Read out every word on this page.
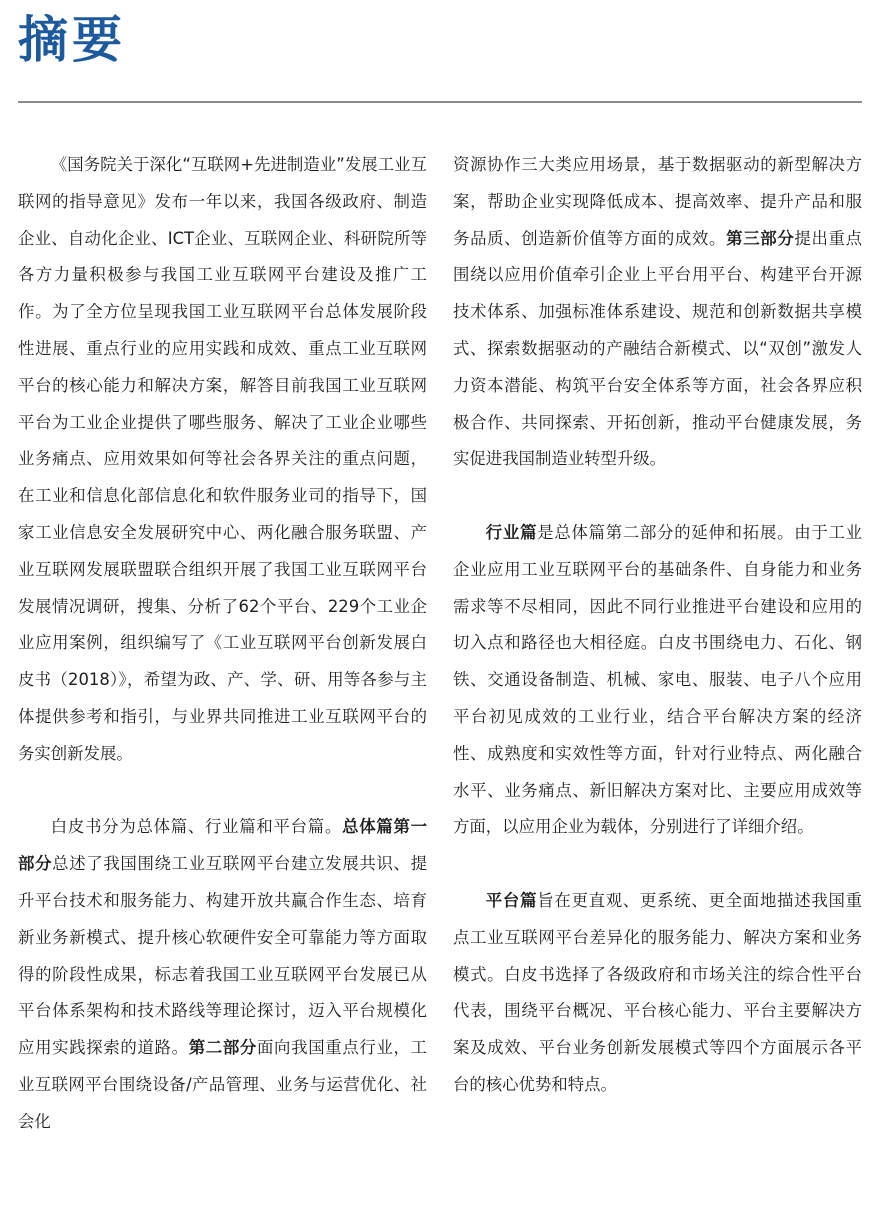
摘要

《国务院关于深化“互联网+先进制造业”发展工业互联网的指导意见》发布一年以来，我国各级政府、制造企业、自动化企业、ICT企业、互联网企业、科研院所等各方力量积极参与我国工业互联网平台建设及推广工作。为了全方位呈现我国工业互联网平台总体发展阶段性进展、重点行业的应用实践和成效、重点工业互联网平台的核心能力和解决方案，解答目前我国工业互联网平台为工业企业提供了哪些服务、解决了工业企业哪些业务痛点、应用效果如何等社会各界关注的重点问题，在工业和信息化部信息化和软件服务业司的指导下，国家工业信息安全发展研究中心、两化融合服务联盟、产业互联网发展联盟联合组织开展了我国工业互联网平台发展情况调研，搜集、分析了62个平台、229个工业企业应用案例，组织编写了《工业互联网平台创新发展白皮书（2018）》，希望为政、产、学、研、用等各参与主体提供参考和指引，与业界共同推进工业互联网平台的务实创新发展。

白皮书分为总体篇、行业篇和平台篇。总体篇第一部分总述了我国围绕工业互联网平台建立发展共识、提升平台技术和服务能力、构建开放共赢合作生态、培育新业务新模式、提升核心软硬件安全可靠能力等方面取得的阶段性成果，标志着我国工业互联网平台发展已从平台体系架构和技术路线等理论探讨，迈入平台规模化应用实践探索的道路。第二部分面向我国重点行业，工业互联网平台围绕设备/产品管理、业务与运营优化、社会化

资源协作三大类应用场景，基于数据驱动的新型解决方案，帮助企业实现降低成本、提高效率、提升产品和服务品质、创造新价值等方面的成效。第三部分提出重点围绕以应用价值牵引企业上平台用平台、构建平台开源技术体系、加强标准体系建设、规范和创新数据共享模式、探索数据驱动的产融结合新模式、以“双创”激发人力资本潜能、构筑平台安全体系等方面，社会各界应积极合作、共同探索、开拓创新，推动平台健康发展，务实促进我国制造业转型升级。

行业篇是总体篇第二部分的延伸和拓展。由于工业企业应用工业互联网平台的基础条件、自身能力和业务需求等不尽相同，因此不同行业推进平台建设和应用的切入点和路径也大相径庭。白皮书围绕电力、石化、钢铁、交通设备制造、机械、家电、服装、电子八个应用平台初见成效的工业行业，结合平台解决方案的经济性、成熟度和实效性等方面，针对行业特点、两化融合水平、业务痛点、新旧解决方案对比、主要应用成效等方面，以应用企业为载体，分别进行了详细介绍。

平台篇旨在更直观、更系统、更全面地描述我国重点工业互联网平台差异化的服务能力、解决方案和业务模式。白皮书选择了各级政府和市场关注的综合性平台代表，围绕平台概况、平台核心能力、平台主要解决方案及成效、平台业务创新发展模式等四个方面展示各平台的核心优势和特点。
